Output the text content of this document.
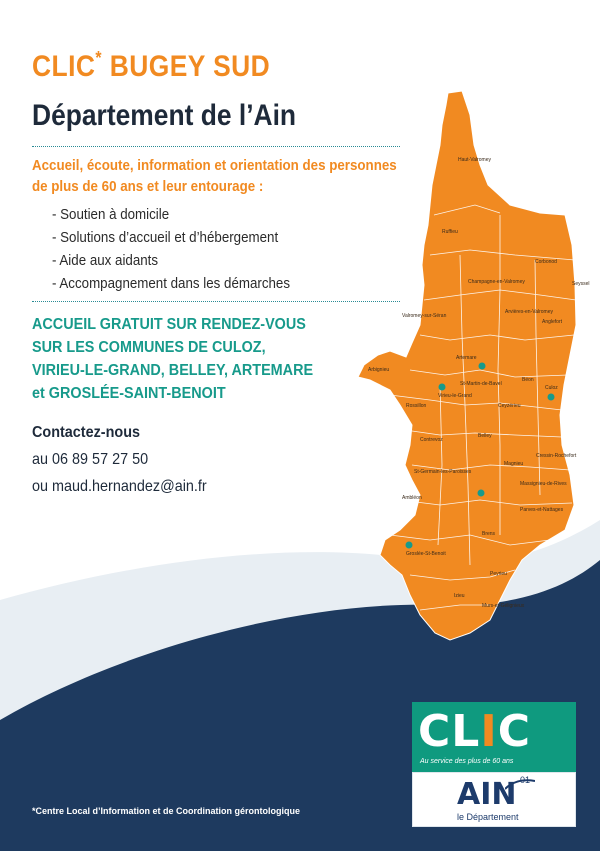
CLIC* BUGEY SUD
Département de l’Ain
Accueil, écoute, information et orientation des personnes de plus de 60 ans et leur entourage :
- Soutien à domicile
- Solutions d’accueil et d’hébergement
- Aide aux aidants
- Accompagnement dans les démarches
ACCUEIL GRATUIT SUR RENDEZ-VOUS
SUR LES COMMUNES DE CULOZ,
VIRIEU-LE-GRAND, BELLEY, ARTEMARE
et GROSLÉE-SAINT-BENOIT
Contactez-nous
au 06 89 57 27 50
ou maud.hernandez@ain.fr
Haut-Valromey
Ruffieu
Corbonod
Seyssel
Champagne-en-Valromey
Arvières-en-Valromey
Valromey-sur-Séran
Anglefort
Artemare
St-Martin-de-Bavel
Béon
Culoz
Arbignieu
Virieu-le-Grand
Ceyzérieu
Rossillon
Contrevoz
Belley
Cressin-Rochefort
St-Germain-les-Paroisses
Magnieu
Ambléon
Massignieu-de-Rives
Parves-et-Nattages
Groslée-St-Benoit
Brens
Peyrieu
Murs-et-Gélignieux
Izieu
CLIC
Au service des plus de 60 ans
AIN 01
le Département
*Centre Local d’Information et de Coordination gérontologique
